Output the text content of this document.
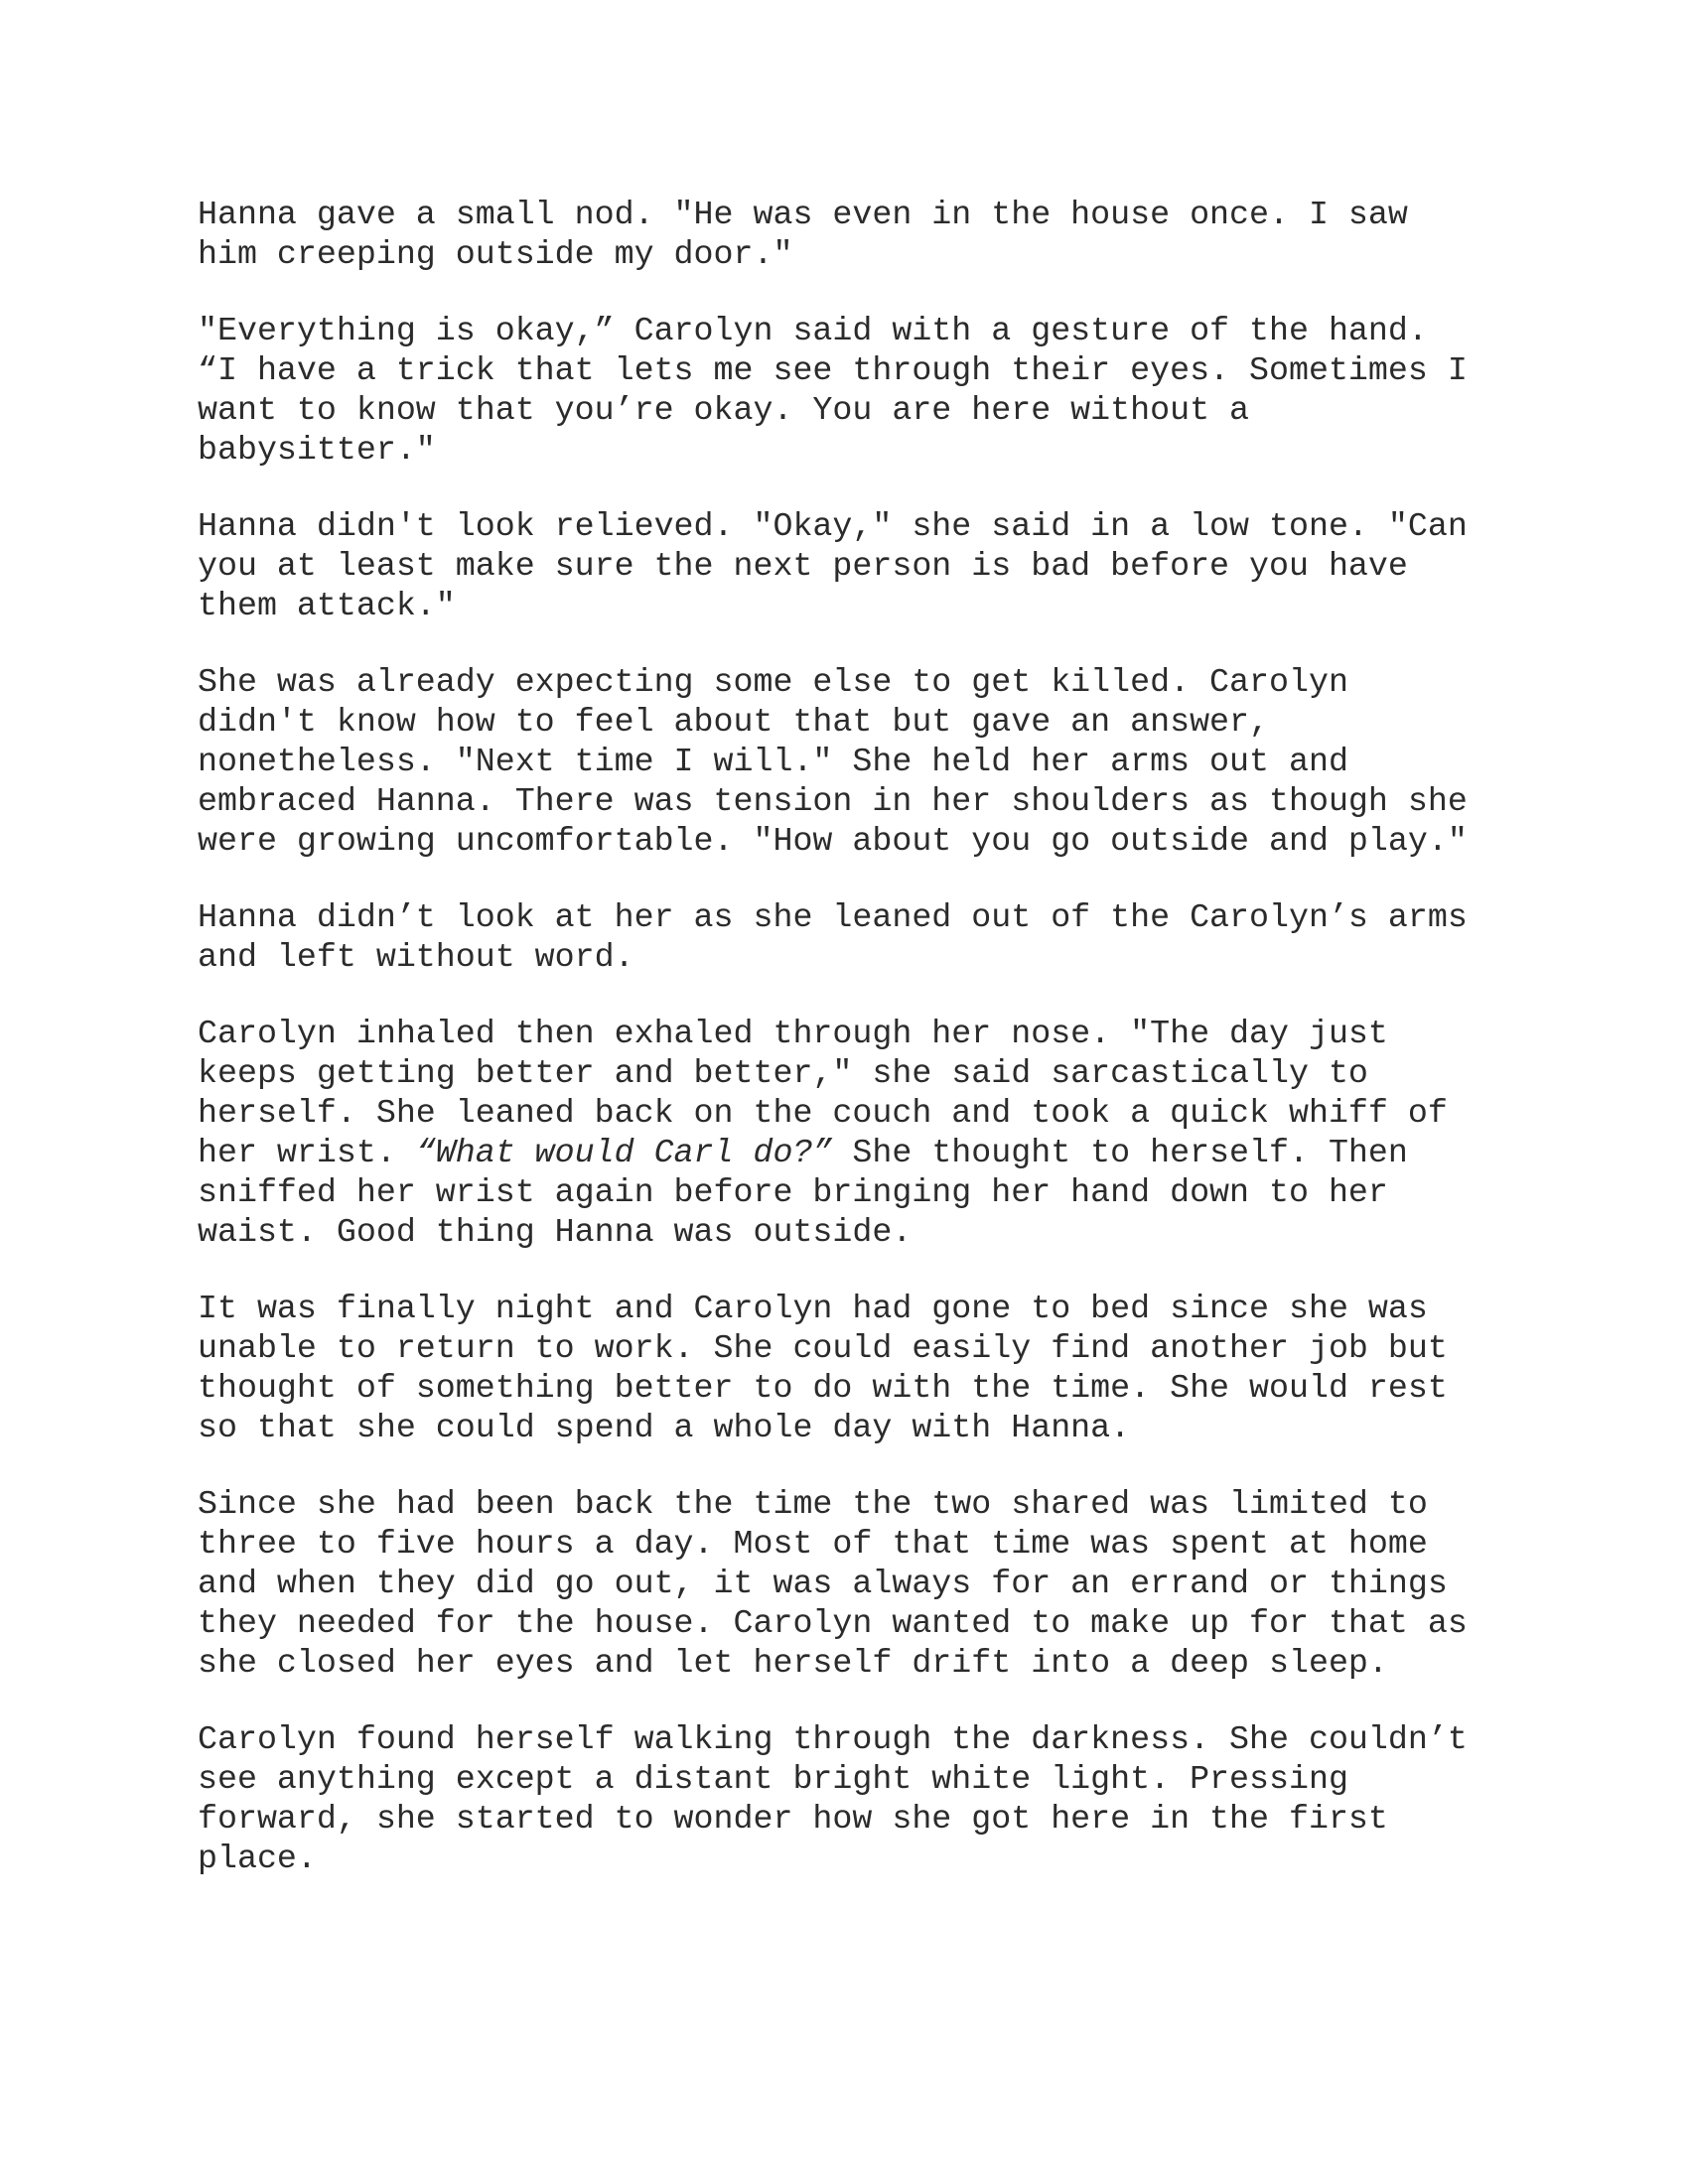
Hanna gave a small nod. "He was even in the house once. I saw
him creeping outside my door."

"Everything is okay,” Carolyn said with a gesture of the hand.
“I have a trick that lets me see through their eyes. Sometimes I
want to know that you’re okay. You are here without a
babysitter."

Hanna didn't look relieved. "Okay," she said in a low tone. "Can
you at least make sure the next person is bad before you have
them attack."

She was already expecting some else to get killed. Carolyn
didn't know how to feel about that but gave an answer,
nonetheless. "Next time I will." She held her arms out and
embraced Hanna. There was tension in her shoulders as though she
were growing uncomfortable. "How about you go outside and play."

Hanna didn’t look at her as she leaned out of the Carolyn’s arms
and left without word.

Carolyn inhaled then exhaled through her nose. "The day just
keeps getting better and better," she said sarcastically to
herself. She leaned back on the couch and took a quick whiff of
her wrist. “What would Carl do?” She thought to herself. Then
sniffed her wrist again before bringing her hand down to her
waist. Good thing Hanna was outside.

It was finally night and Carolyn had gone to bed since she was
unable to return to work. She could easily find another job but
thought of something better to do with the time. She would rest
so that she could spend a whole day with Hanna.

Since she had been back the time the two shared was limited to
three to five hours a day. Most of that time was spent at home
and when they did go out, it was always for an errand or things
they needed for the house. Carolyn wanted to make up for that as
she closed her eyes and let herself drift into a deep sleep.

Carolyn found herself walking through the darkness. She couldn’t
see anything except a distant bright white light. Pressing
forward, she started to wonder how she got here in the first
place.
